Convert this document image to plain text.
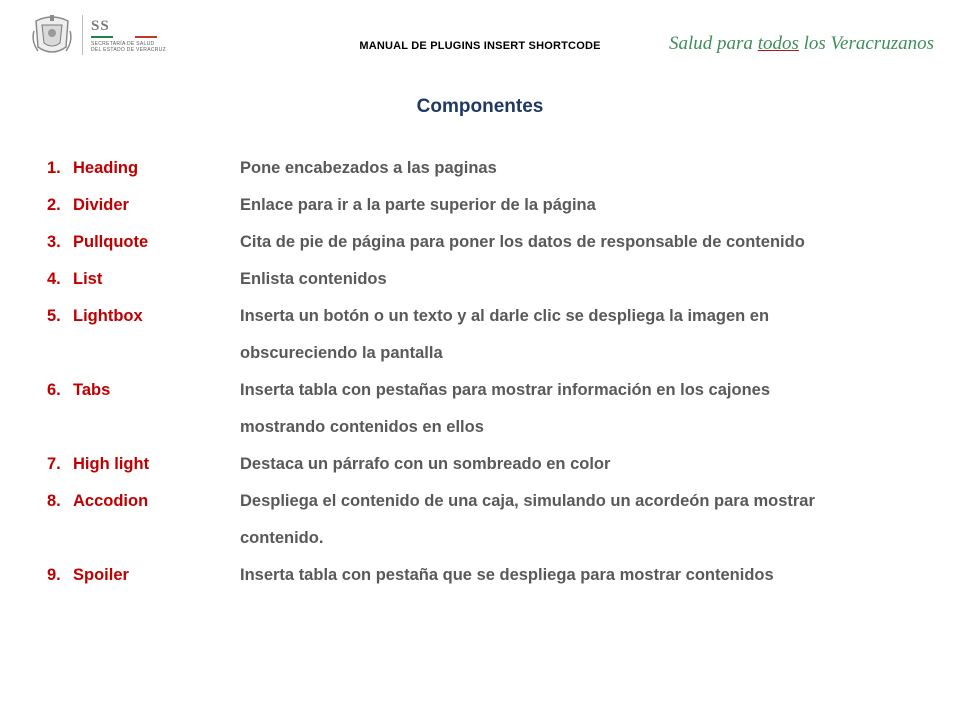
SS
SECRETARÍA DE SALUD
DEL ESTADO DE VERACRUZ	MANUAL DE PLUGINS INSERT SHORTCODE	Salud para todos los Veracruzanos
Componentes
1. Heading	Pone encabezados a las paginas
2. Divider	Enlace para ir a la parte superior de la página
3. Pullquote	Cita de pie de página para poner los datos de responsable de contenido
4. List	Enlista contenidos
5. Lightbox	Inserta un botón o un texto y al darle clic se despliega la imagen en
obscureciendo la pantalla
6. Tabs	Inserta tabla con pestañas para mostrar información en los cajones
mostrando contenidos en ellos
7. High light	Destaca un párrafo con un sombreado en color
8. Accodion	Despliega el contenido de una caja, simulando un acordeón para mostrar
contenido.
9. Spoiler	Inserta tabla con pestaña que se despliega para mostrar contenidos
